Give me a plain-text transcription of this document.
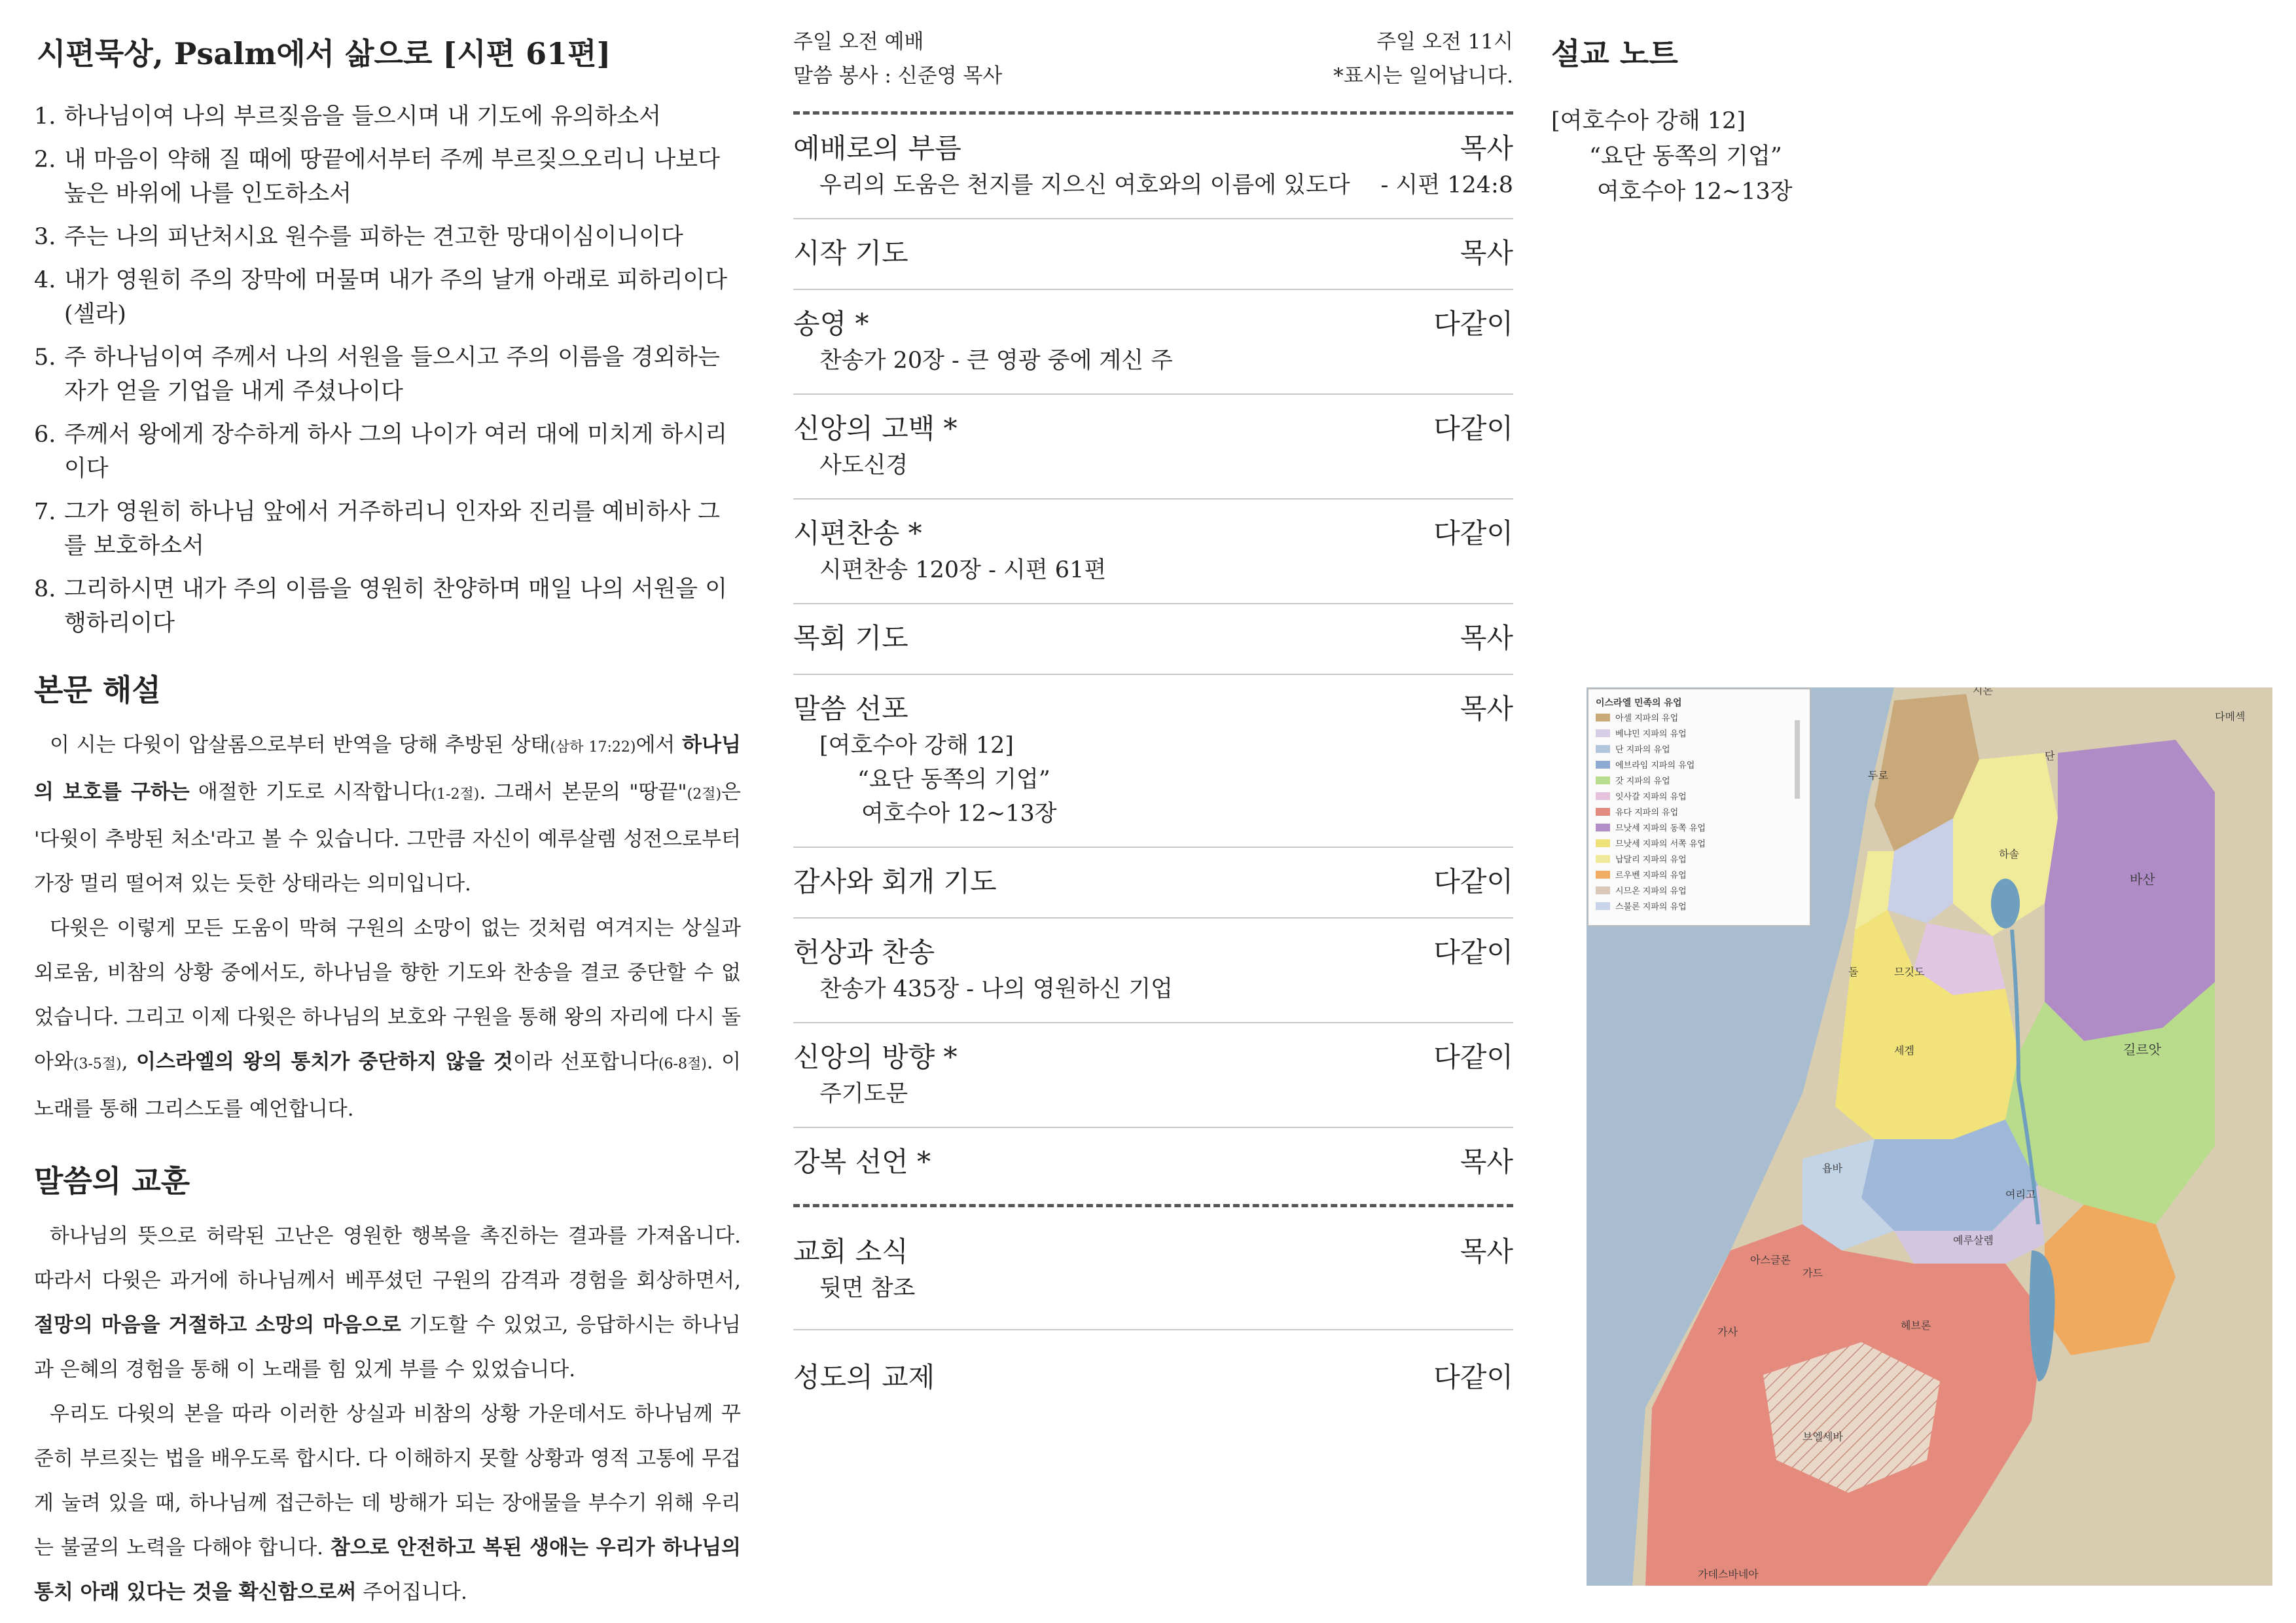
시편묵상, Psalm에서 삶으로 [시편 61편]
1. 하나님이여 나의 부르짖음을 들으시며 내 기도에 유의하소서
2. 내 마음이 약해 질 때에 땅끝에서부터 주께 부르짖으오리니 나보다 높은 바위에 나를 인도하소서
3. 주는 나의 피난처시요 원수를 피하는 견고한 망대이심이니이다
4. 내가 영원히 주의 장막에 머물며 내가 주의 날개 아래로 피하리이다 (셀라)
5. 주 하나님이여 주께서 나의 서원을 들으시고 주의 이름을 경외하는 자가 얻을 기업을 내게 주셨나이다
6. 주께서 왕에게 장수하게 하사 그의 나이가 여러 대에 미치게 하시리이다
7. 그가 영원히 하나님 앞에서 거주하리니 인자와 진리를 예비하사 그를 보호하소서
8. 그리하시면 내가 주의 이름을 영원히 찬양하며 매일 나의 서원을 이행하리이다
본문 해설

이 시는 다윗이 압살롬으로부터 반역을 당해 추방된 상태(삼하 17:22)에서 하나님의 보호를 구하는 애절한 기도로 시작합니다(1-2절). 그래서 본문의 "땅끝"(2절)은 '다윗이 추방된 처소'라고 볼 수 있습니다. 그만큼 자신이 예루살렘 성전으로부터 가장 멀리 떨어져 있는 듯한 상태라는 의미입니다.

다윗은 이렇게 모든 도움이 막혀 구원의 소망이 없는 것처럼 여겨지는 상실과 외로움, 비참의 상황 중에서도, 하나님을 향한 기도와 찬송을 결코 중단할 수 없었습니다. 그리고 이제 다윗은 하나님의 보호와 구원을 통해 왕의 자리에 다시 돌아와(3-5절), 이스라엘의 왕의 통치가 중단하지 않을 것이라 선포합니다(6-8절). 이 노래를 통해 그리스도를 예언합니다.

말씀의 교훈

하나님의 뜻으로 허락된 고난은 영원한 행복을 촉진하는 결과를 가져옵니다. 따라서 다윗은 과거에 하나님께서 베푸셨던 구원의 감격과 경험을 회상하면서, 절망의 마음을 거절하고 소망의 마음으로 기도할 수 있었고, 응답하시는 하나님과 은혜의 경험을 통해 이 노래를 힘 있게 부를 수 있었습니다.

우리도 다윗의 본을 따라 이러한 상실과 비참의 상황 가운데서도 하나님께 꾸준히 부르짖는 법을 배우도록 합시다. 다 이해하지 못할 상황과 영적 고통에 무겁게 눌려 있을 때, 하나님께 접근하는 데 방해가 되는 장애물을 부수기 위해 우리는 불굴의 노력을 다해야 합니다. 참으로 안전하고 복된 생애는 우리가 하나님의 통치 아래 있다는 것을 확신함으로써 주어집니다.

주일 오전 예배
말씀 봉사 : 신준영 목사
주일 오전 11시
*표시는 일어납니다.
예배로의 부름	목사
우리의 도움은 천지를 지으신 여호와의 이름에 있도다 - 시편 124:8
시작 기도	목사
송영 *	다같이
찬송가 20장 - 큰 영광 중에 계신 주
신앙의 고백 *	다같이
사도신경
시편찬송 *	다같이
시편찬송 120장 - 시편 61편
목회 기도	목사
말씀 선포	목사
[여호수아 강해 12]
“요단 동쪽의 기업”
여호수아 12~13장
감사와 회개 기도	다같이
헌상과 찬송	다같이
찬송가 435장 - 나의 영원하신 기업
신앙의 방향 *	다같이
주기도문
강복 선언 *	목사
교회 소식	목사
뒷면 참조
성도의 교제	다같이
설교 노트
[여호수아 강해 12]
“요단 동쪽의 기업”
여호수아 12~13장
이스라엘 민족의 유업
아셀 지파의 유업
베냐민 지파의 유업
단 지파의 유업
에브라임 지파의 유업
갓 지파의 유업
잇사갈 지파의 유업
유다 지파의 유업
므낫세 지파의 동쪽 유업
므낫세 지파의 서쪽 유업
납달리 지파의 유업
르우벤 지파의 유업
시므온 지파의 유업
스불론 지파의 유업
시돈
두로
다메섹
바산
하솔
단
므깃도
돌
길르앗
세겜
욥바
여리고
예루살렘
가드
아스글론
헤브론
가사
브엘세바
가데스바네아
